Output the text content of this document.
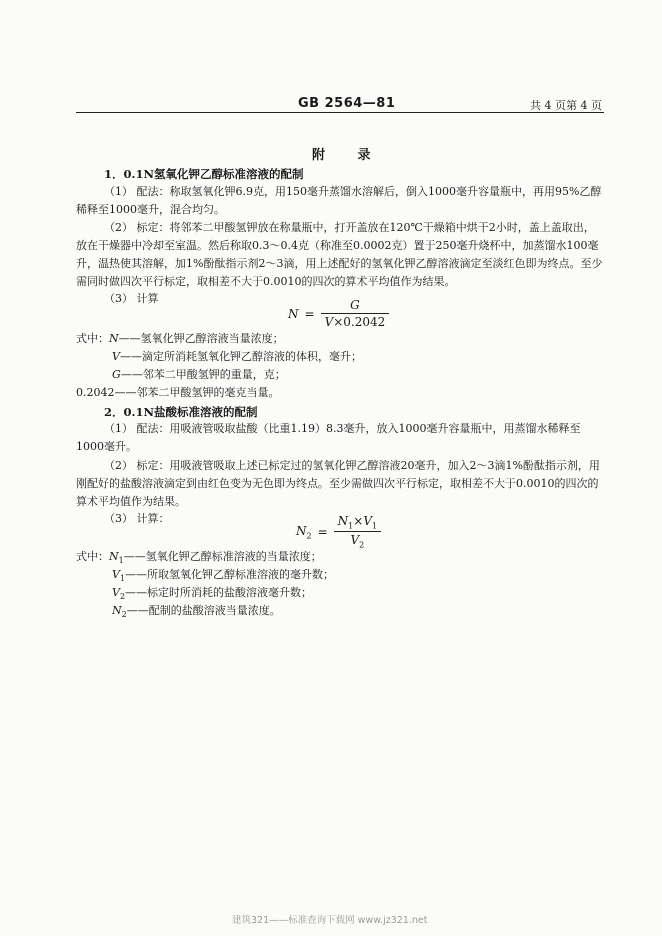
GB 2564—81	共 4 页第 4 页
附 录
1．0.1N氢氧化钾乙醇标准溶液的配制
（1） 配法：称取氢氧化钾6.9克，用150毫升蒸馏水溶解后，倒入1000毫升容量瓶中，再用95%乙醇稀释至1000毫升，混合均匀。
（2） 标定：将邻苯二甲酸氢钾放在称量瓶中，打开盖放在120℃干燥箱中烘干2小时，盖上盖取出，放在干燥器中冷却至室温。然后称取0.3～0.4克（称准至0.0002克）置于250毫升烧杯中，加蒸馏水100毫升，温热使其溶解，加1%酚酞指示剂2～3滴，用上述配好的氢氧化钾乙醇溶液滴定至淡红色即为终点。至少需同时做四次平行标定，取相差不大于0.0010的四次的算术平均值作为结果。
（3） 计算
$N = \frac{G}{V\times 0.2042}$
式中：N——氢氧化钾乙醇溶液当量浓度；
V——滴定所消耗氢氧化钾乙醇溶液的体积，毫升；
G——邻苯二甲酸氢钾的重量，克；
0.2042——邻苯二甲酸氢钾的毫克当量。
2．0.1N盐酸标准溶液的配制
（1） 配法：用吸液管吸取盐酸（比重1.19）8.3毫升，放入1000毫升容量瓶中，用蒸馏水稀释至1000毫升。
（2） 标定：用吸液管吸取上述已标定过的氢氧化钾乙醇溶液20毫升，加入2～3滴1%酚酞指示剂，用刚配好的盐酸溶液滴定到由红色变为无色即为终点。至少需做四次平行标定，取相差不大于0.0010的四次的算术平均值作为结果。
（3） 计算：
$N_2 = \frac{N_1\times V_1}{V_2}$
式中：$N_1——$氢氧化钾乙醇标准溶液的当量浓度；
$V_1——$所取氢氧化钾乙醇标准溶液的毫升数；
$V_2——$标定时所消耗的盐酸溶液毫升数；
$N_2——$配制的盐酸溶液当量浓度。
建筑321——标准查询下载网 www.jz321.net
